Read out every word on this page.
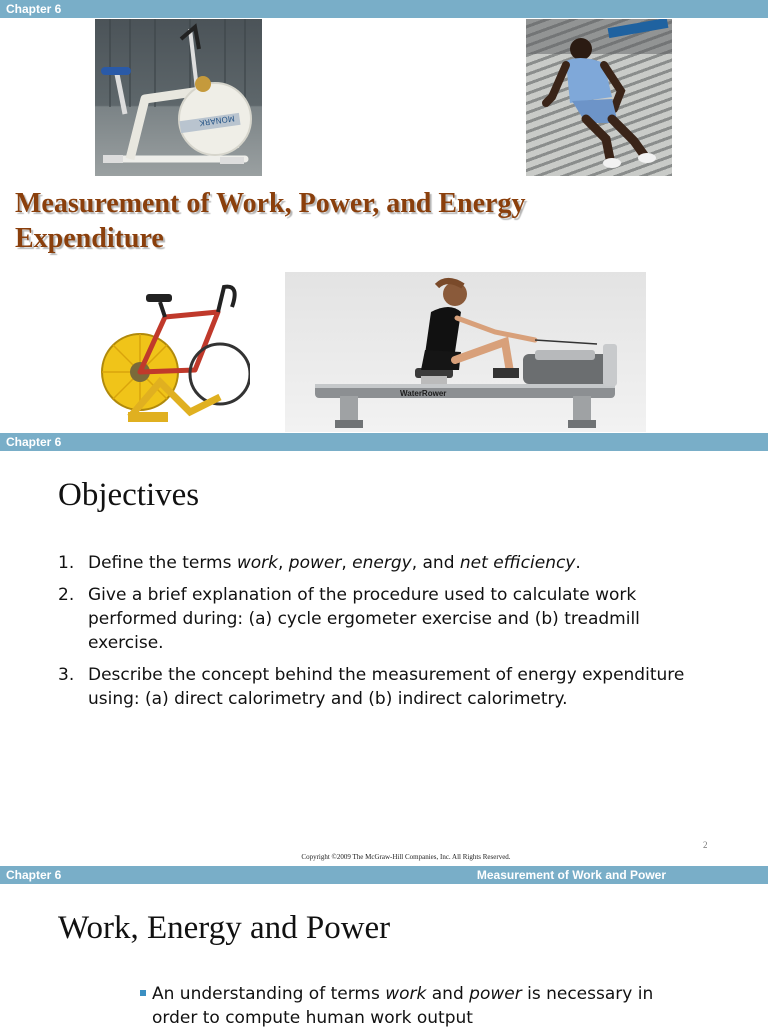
Chapter 6
MONARK
Measurement of Work, Power, and Energy
Expenditure
WaterRower
Chapter 6
Objectives
1. Define the terms work, power, energy, and net efficiency.
2. Give a brief explanation of the procedure used to calculate work performed during: (a) cycle ergometer exercise and (b) treadmill exercise.
3. Describe the concept behind the measurement of energy expenditure using: (a) direct calorimetry and (b) indirect calorimetry.
2
Copyright ©2009 The McGraw-Hill Companies, Inc. All Rights Reserved.
Chapter 6	Measurement of Work and Power
Work, Energy and Power
An understanding of terms work and power is necessary in order to compute human work output
